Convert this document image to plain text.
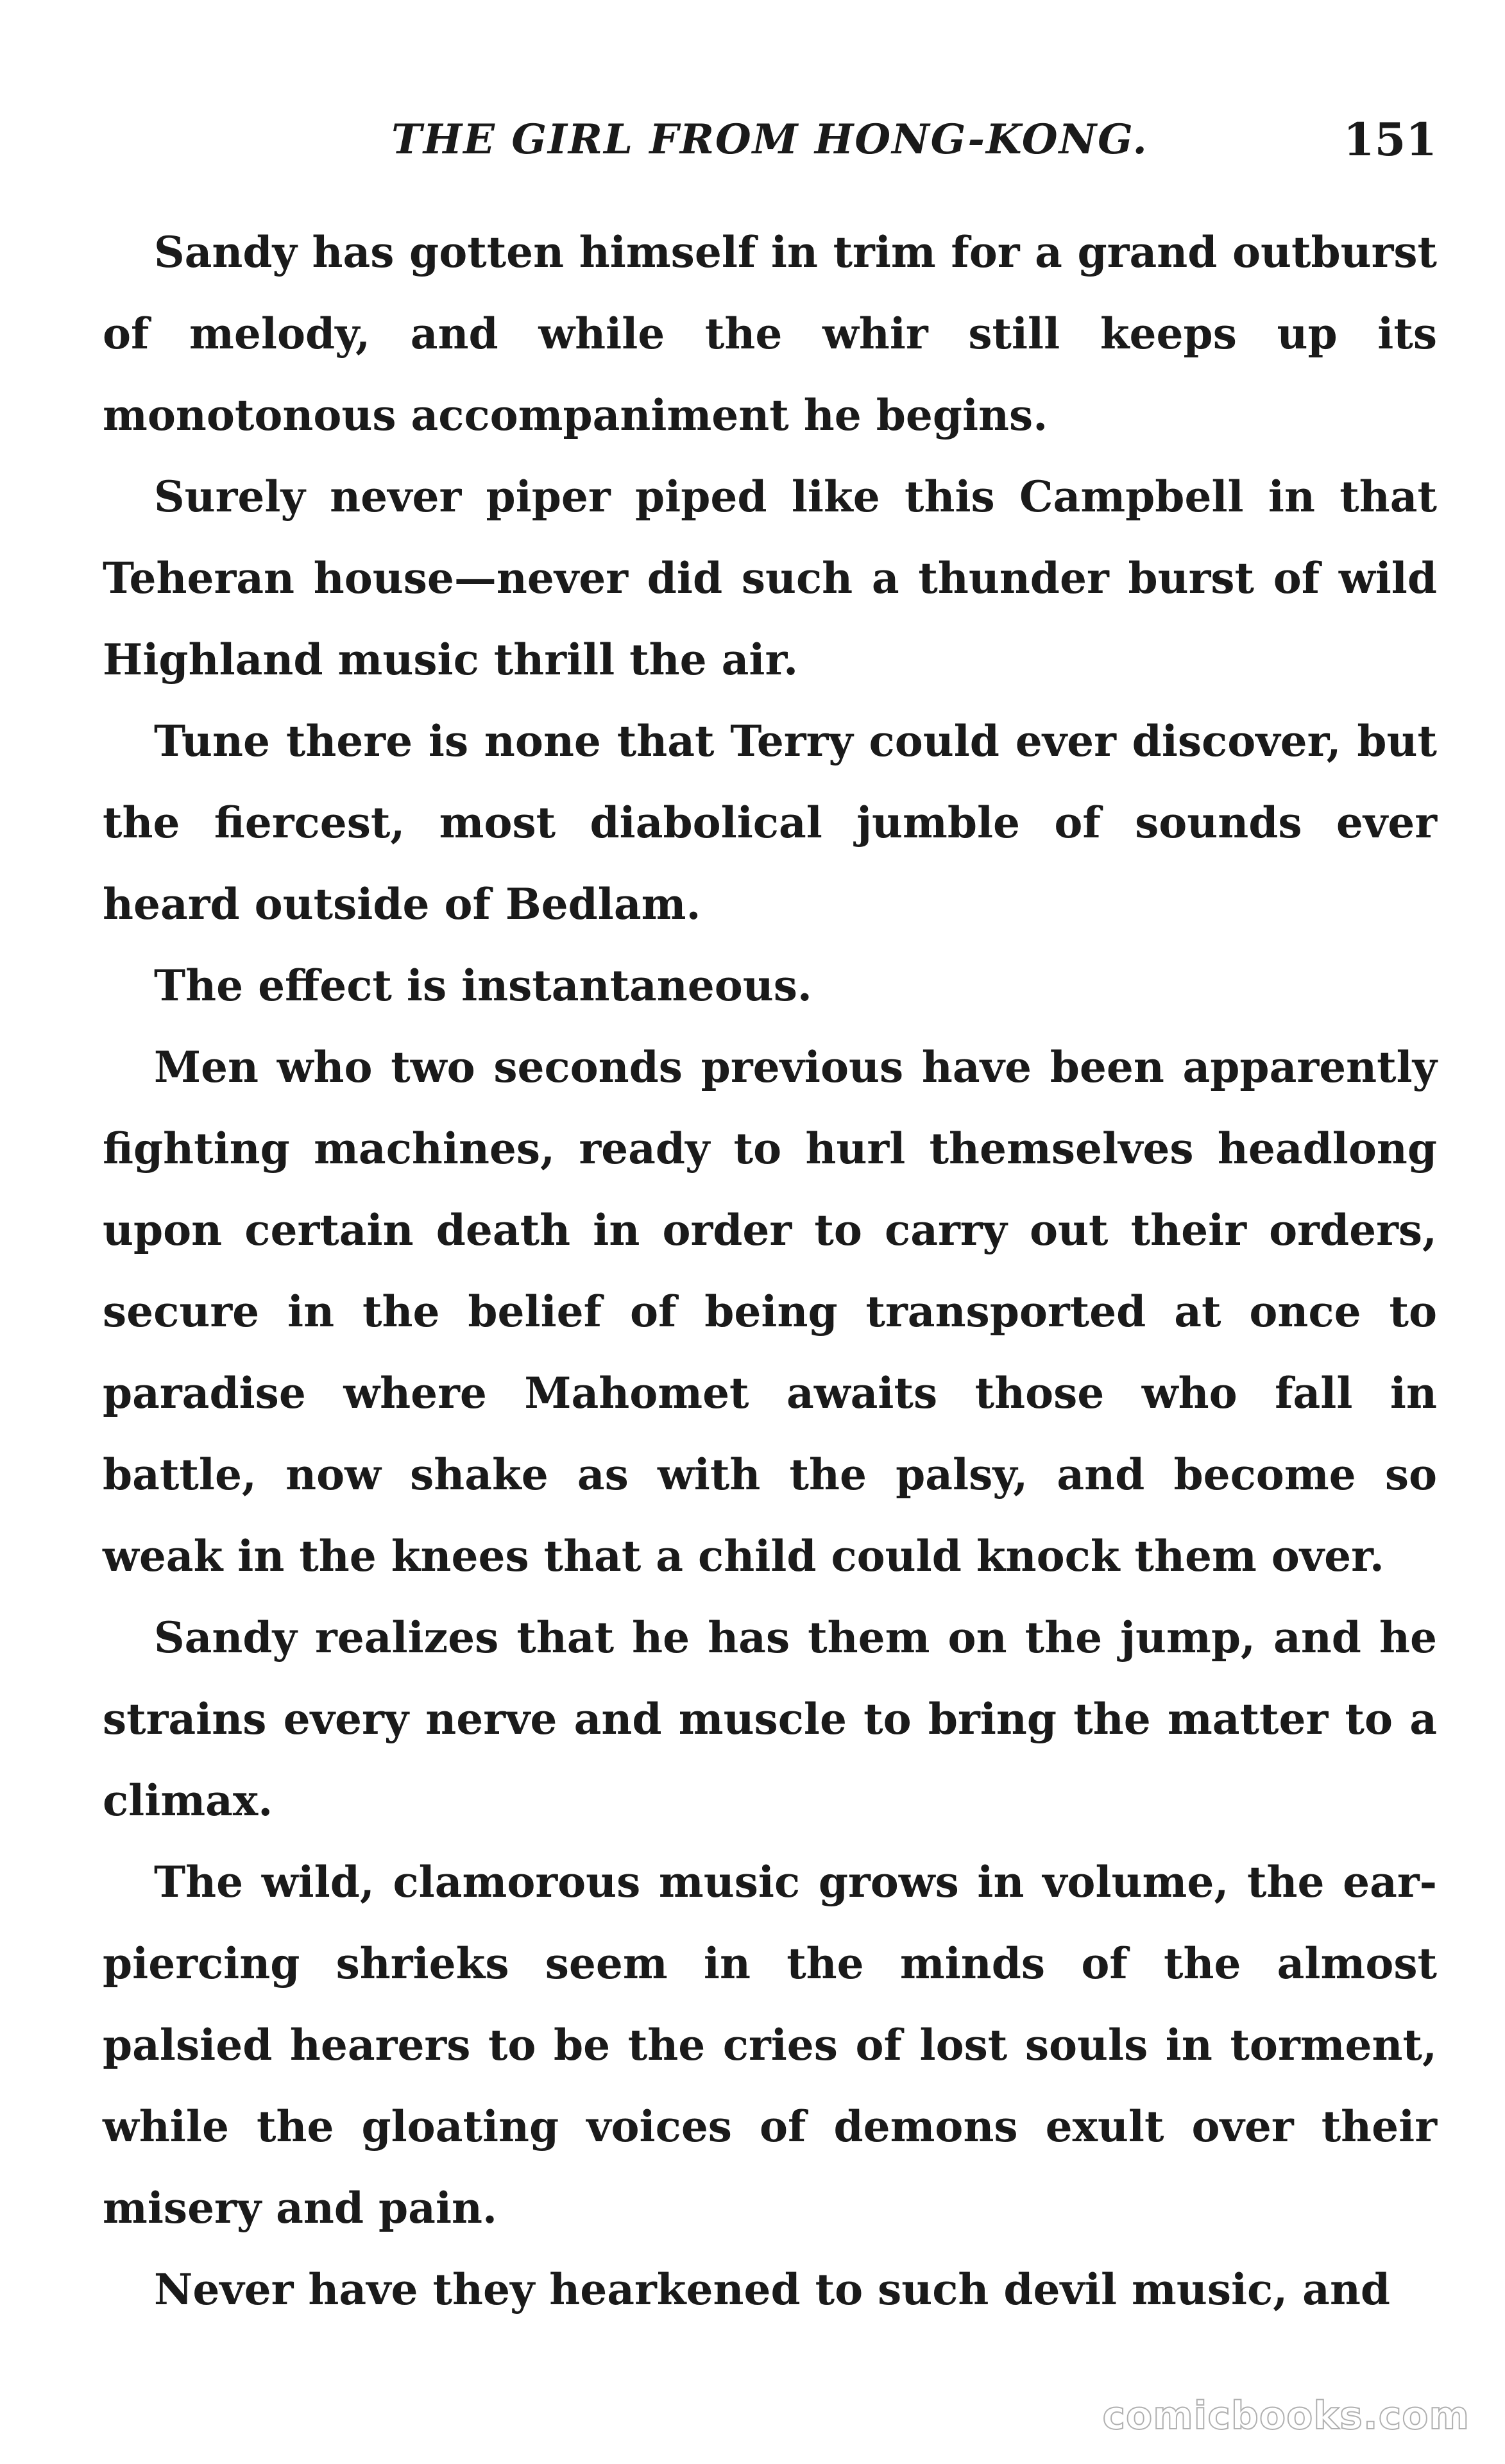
THE GIRL FROM HONG-KONG.	151

Sandy has gotten himself in trim for a grand outburst of melody, and while the whir still keeps up its monotonous accompaniment he begins.

Surely never piper piped like this Campbell in that Teheran house—never did such a thunder burst of wild Highland music thrill the air.

Tune there is none that Terry could ever discover, but the fiercest, most diabolical jumble of sounds ever heard outside of Bedlam.

The effect is instantaneous.

Men who two seconds previous have been apparently fighting machines, ready to hurl themselves headlong upon certain death in order to carry out their orders, secure in the belief of being transported at once to paradise where Mahomet awaits those who fall in battle, now shake as with the palsy, and become so weak in the knees that a child could knock them over.

Sandy realizes that he has them on the jump, and he strains every nerve and muscle to bring the matter to a climax.

The wild, clamorous music grows in volume, the ear-piercing shrieks seem in the minds of the almost palsied hearers to be the cries of lost souls in torment, while the gloating voices of demons exult over their misery and pain.

Never have they hearkened to such devil music, and

comicbooks.com
